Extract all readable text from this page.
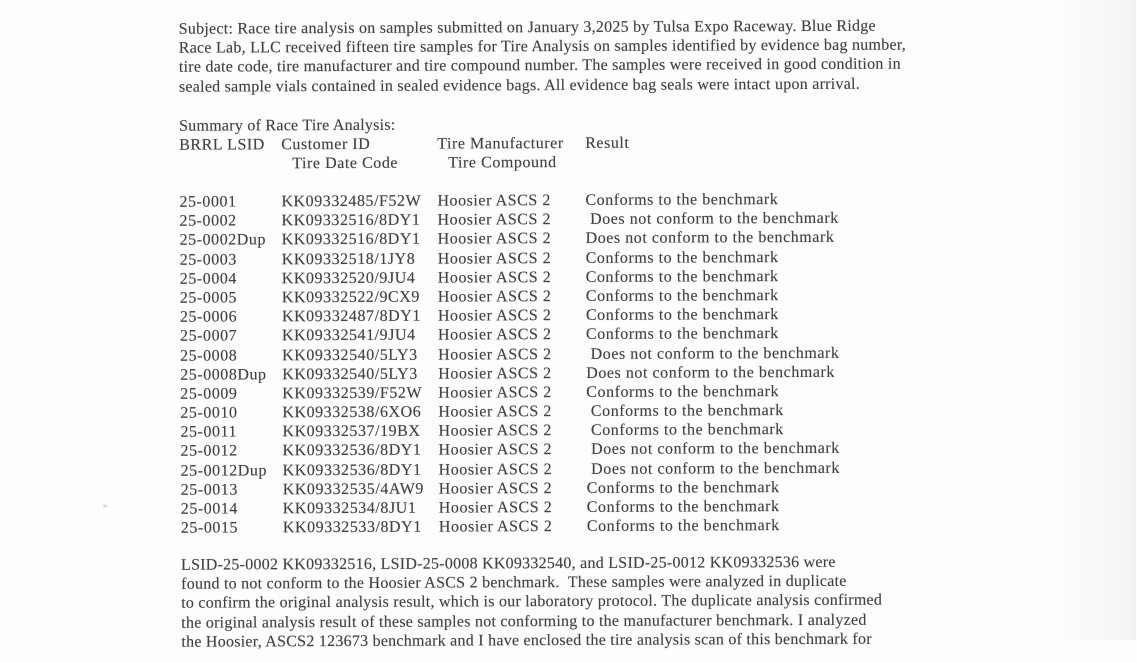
Subject: Race tire analysis on samples submitted on January 3,2025 by Tulsa Expo Raceway. Blue Ridge
Race Lab, LLC received fifteen tire samples for Tire Analysis on samples identified by evidence bag number,
tire date code, tire manufacturer and tire compound number. The samples were received in good condition in
sealed sample vials contained in sealed evidence bags. All evidence bag seals were intact upon arrival.
Summary of Race Tire Analysis:
BRRL LSID	Customer ID	Tire Manufacturer	Result
Tire Date Code	Tire Compound
25-0001	KK09332485/F52W	Hoosier ASCS 2	Conforms to the benchmark
25-0002	KK09332516/8DY1	Hoosier ASCS 2	Does not conform to the benchmark
25-0002Dup KK09332516/8DY1	Hoosier ASCS 2	Does not conform to the benchmark
25-0003	KK09332518/1JY8	Hoosier ASCS 2	Conforms to the benchmark
25-0004	KK09332520/9JU4	Hoosier ASCS 2	Conforms to the benchmark
25-0005	KK09332522/9CX9	Hoosier ASCS 2	Conforms to the benchmark
25-0006	KK09332487/8DY1	Hoosier ASCS 2	Conforms to the benchmark
25-0007	KK09332541/9JU4	Hoosier ASCS 2	Conforms to the benchmark
25-0008	KK09332540/5LY3	Hoosier ASCS 2	Does not conform to the benchmark
25-0008Dup KK09332540/5LY3	Hoosier ASCS 2	Does not conform to the benchmark
25-0009	KK09332539/F52W	Hoosier ASCS 2	Conforms to the benchmark
25-0010	KK09332538/6XO6	Hoosier ASCS 2	Conforms to the benchmark
25-0011	KK09332537/19BX	Hoosier ASCS 2	Conforms to the benchmark
25-0012	KK09332536/8DY1	Hoosier ASCS 2	Does not conform to the benchmark
25-0012Dup KK09332536/8DY1	Hoosier ASCS 2	Does not conform to the benchmark
25-0013	KK09332535/4AW9 Hoosier ASCS 2	Conforms to the benchmark
25-0014	KK09332534/8JU1	Hoosier ASCS 2	Conforms to the benchmark
25-0015	KK09332533/8DY1	Hoosier ASCS 2	Conforms to the benchmark
LSID-25-0002 KK09332516, LSID-25-0008 KK09332540, and LSID-25-0012 KK09332536 were
found to not conform to the Hoosier ASCS 2 benchmark.  These samples were analyzed in duplicate
to confirm the original analysis result, which is our laboratory protocol. The duplicate analysis confirmed
the original analysis result of these samples not conforming to the manufacturer benchmark. I analyzed
the Hoosier, ASCS2 123673 benchmark and I have enclosed the tire analysis scan of this benchmark for
